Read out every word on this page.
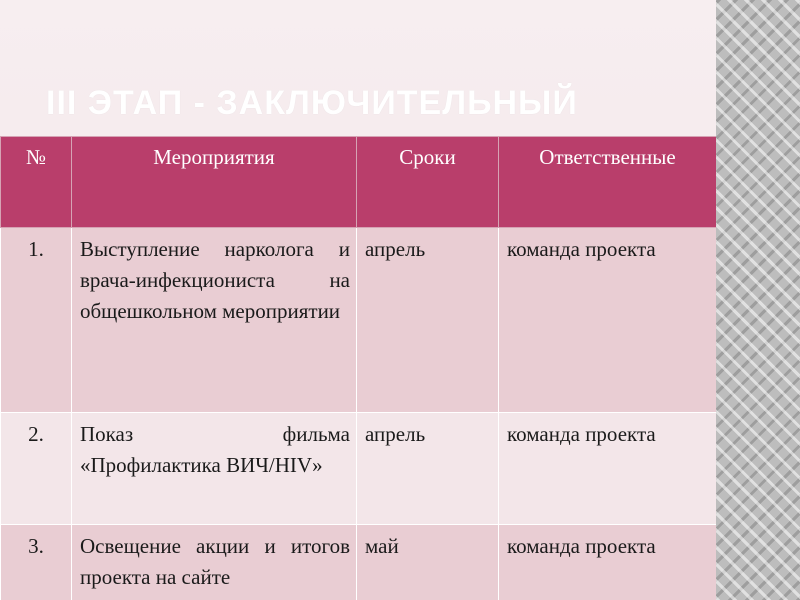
III ЭТАП - ЗАКЛЮЧИТЕЛЬНЫЙ
№	Мероприятия	Сроки	Ответственные
1.	Выступление нарколога и врача-инфекциониста на общешкольном мероприятии	апрель	команда проекта
2.	Показ фильма «Профилактика ВИЧ/HIV»	апрель	команда проекта
3.	Освещение акции и итогов проекта на сайте	май	команда проекта
